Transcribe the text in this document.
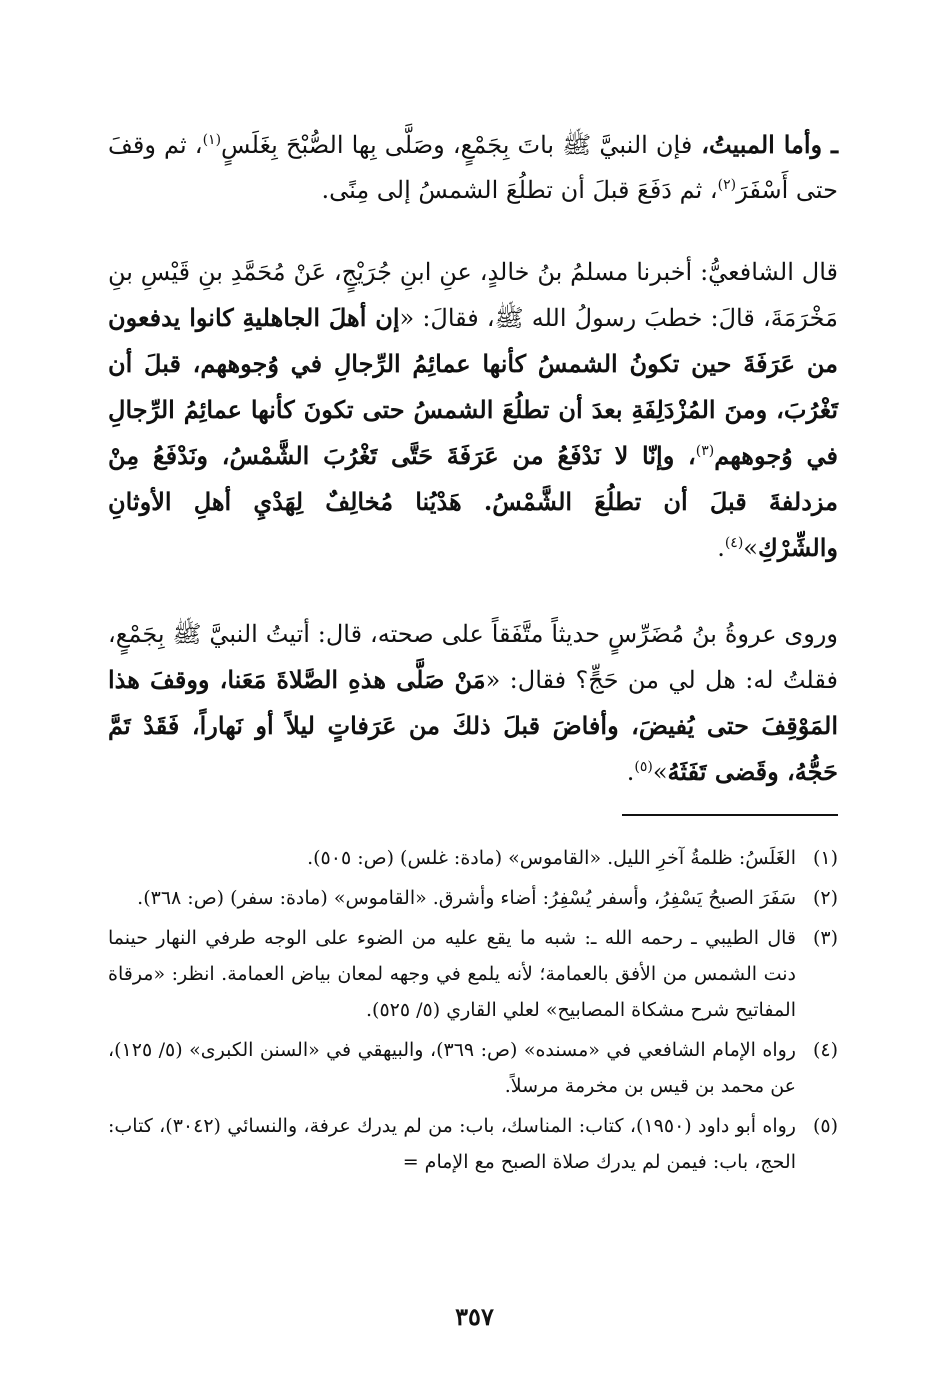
ـ وأما المبيتُ، فإن النبيَّ ﷺ باتَ بِجَمْعٍ، وصَلَّى بِها الصُّبْحَ بِغَلَسٍ$^{(١)}$، ثم وقفَ حتى أَسْفَرَ$^{(٢)}$، ثم دَفَعَ قبلَ أن تطلُعَ الشمسُ إلى مِنًى.

قال الشافعيُّ: أخبرنا مسلمُ بنُ خالدٍ، عنِ ابنِ جُرَيْجٍ، عَنْ مُحَمَّدِ بنِ قَيْسِ بنِ مَخْرَمَةَ، قالَ: خطبَ رسولُ الله ﷺ، فقالَ: «إن أهلَ الجاهليةِ كانوا يدفعون من عَرَفَةَ حين تكونُ الشمسُ كأنها عمائِمُ الرِّجالِ في وُجوههم، قبلَ أن تَغْرُبَ، ومنَ المُزْدَلِفَةِ بعدَ أن تطلُعَ الشمسُ حتى تكونَ كأنها عمائِمُ الرِّجالِ في وُجوههم$^{(٣)}$، وإنّا لا نَدْفَعُ من عَرَفَةَ حَتَّى تَغْرُبَ الشَّمْسُ، ونَدْفَعُ مِنْ مزدلفةَ قبلَ أن تطلُعَ الشَّمْسُ. هَدْيُنا مُخالِفٌ لِهَدْيِ أهلِ الأوثانِ والشِّرْكِ»$^{(٤)}$.

وروى عروةُ بنُ مُضَرِّسٍ حديثاً متَّفَقاً على صحته، قال: أتيتُ النبيَّ ﷺ بِجَمْعٍ، فقلتُ له: هل لي من حَجٍّ؟ فقال: «مَنْ صَلَّى هذهِ الصَّلاةَ مَعَنا، ووقفَ هذا المَوْقِفَ حتى يُفيضَ، وأفاضَ قبلَ ذلكَ من عَرَفاتٍ ليلاً أو نَهاراً، فَقَدْ تَمَّ حَجُّهُ، وقَضى تَفَثَهُ»$^{(٥)}$.

(١)
الغَلَسُ: ظلمةُ آخرِ الليل. «القاموس» (مادة: غلس) (ص: ٥٠٥).

(٢)
سَفَرَ الصبحُ يَسْفِرُ، وأسفر يُسْفِرُ: أضاء وأشرق. «القاموس» (مادة: سفر) (ص: ٣٦٨).

(٣)
قال الطيبي ـ رحمه الله ـ: شبه ما يقع عليه من الضوء على الوجه طرفي النهار حينما دنت الشمس من الأفق بالعمامة؛ لأنه يلمع في وجهه لمعان بياض العمامة. انظر: «مرقاة المفاتيح شرح مشكاة المصابيح» لعلي القاري (٥/ ٥٢٥).

(٤)
رواه الإمام الشافعي في «مسنده» (ص: ٣٦٩)، والبيهقي في «السنن الكبرى» (٥/ ١٢٥)، عن محمد بن قيس بن مخرمة مرسلاً.

(٥)
رواه أبو داود (١٩٥٠)، كتاب: المناسك، باب: من لم يدرك عرفة، والنسائي (٣٠٤٢)، كتاب: الحج، باب: فيمن لم يدرك صلاة الصبح مع الإمام =

٣٥٧
